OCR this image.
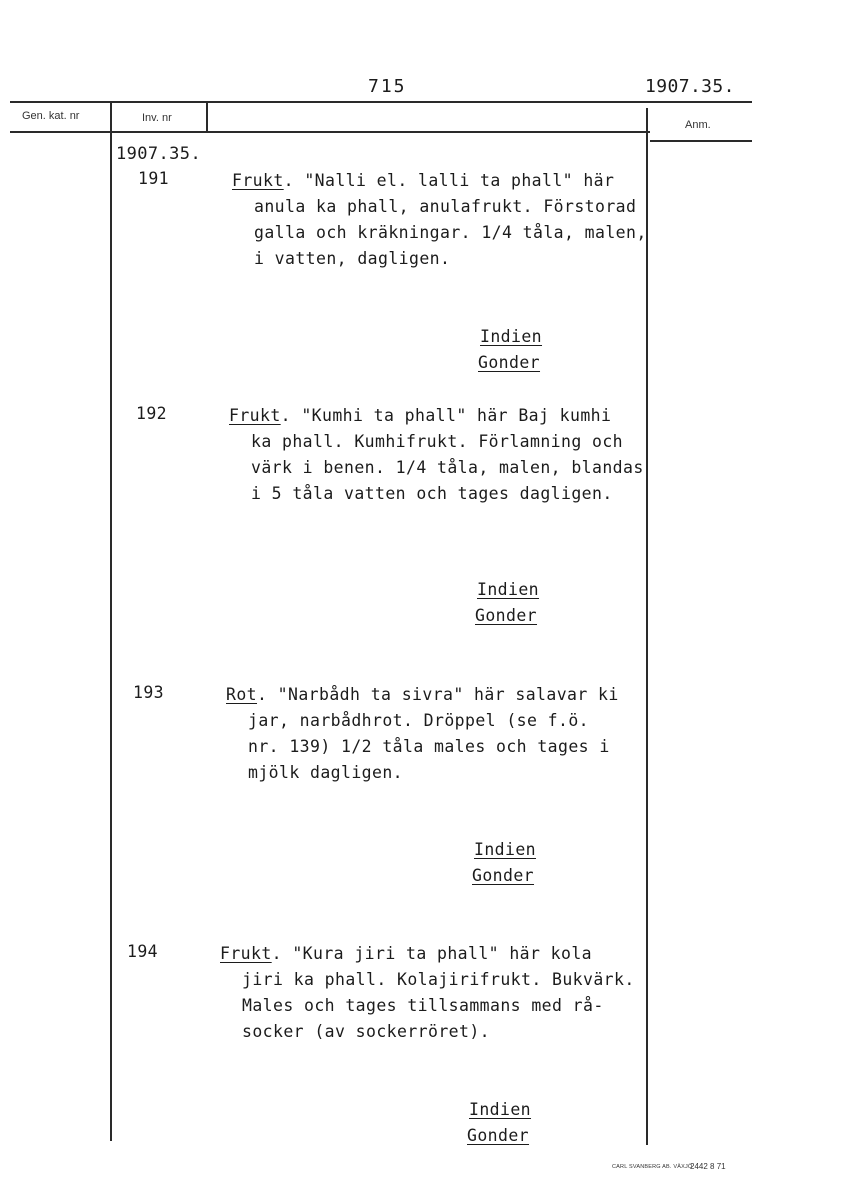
715	1907.35.
Gen. kat. nr	Inv. nr
Anm.
1907.35.
191	Frukt. "Nalli el. lalli ta phall" här
anula ka phall, anulafrukt. Förstorad
galla och kräkningar. 1/4 tåla, malen,
i vatten, dagligen.
Indien
Gonder
192	Frukt. "Kumhi ta phall" här Baj kumhi
ka phall. Kumhifrukt. Förlamning och
värk i benen. 1/4 tåla, malen, blandas
i 5 tåla vatten och tages dagligen.
Indien
Gonder
193	Rot. "Narbådh ta sivra" här salavar ki
jar, narbådhrot. Dröppel (se f.ö.
nr. 139) 1/2 tåla males och tages i
mjölk dagligen.
Indien
Gonder
194	Frukt. "Kura jiri ta phall" här kola
jiri ka phall. Kolajirifrukt. Bukvärk.
Males och tages tillsammans med rå-
socker (av sockerröret).
Indien
Gonder
CARL SVANBERG AB. VÄXJÖ
2442 8 71
